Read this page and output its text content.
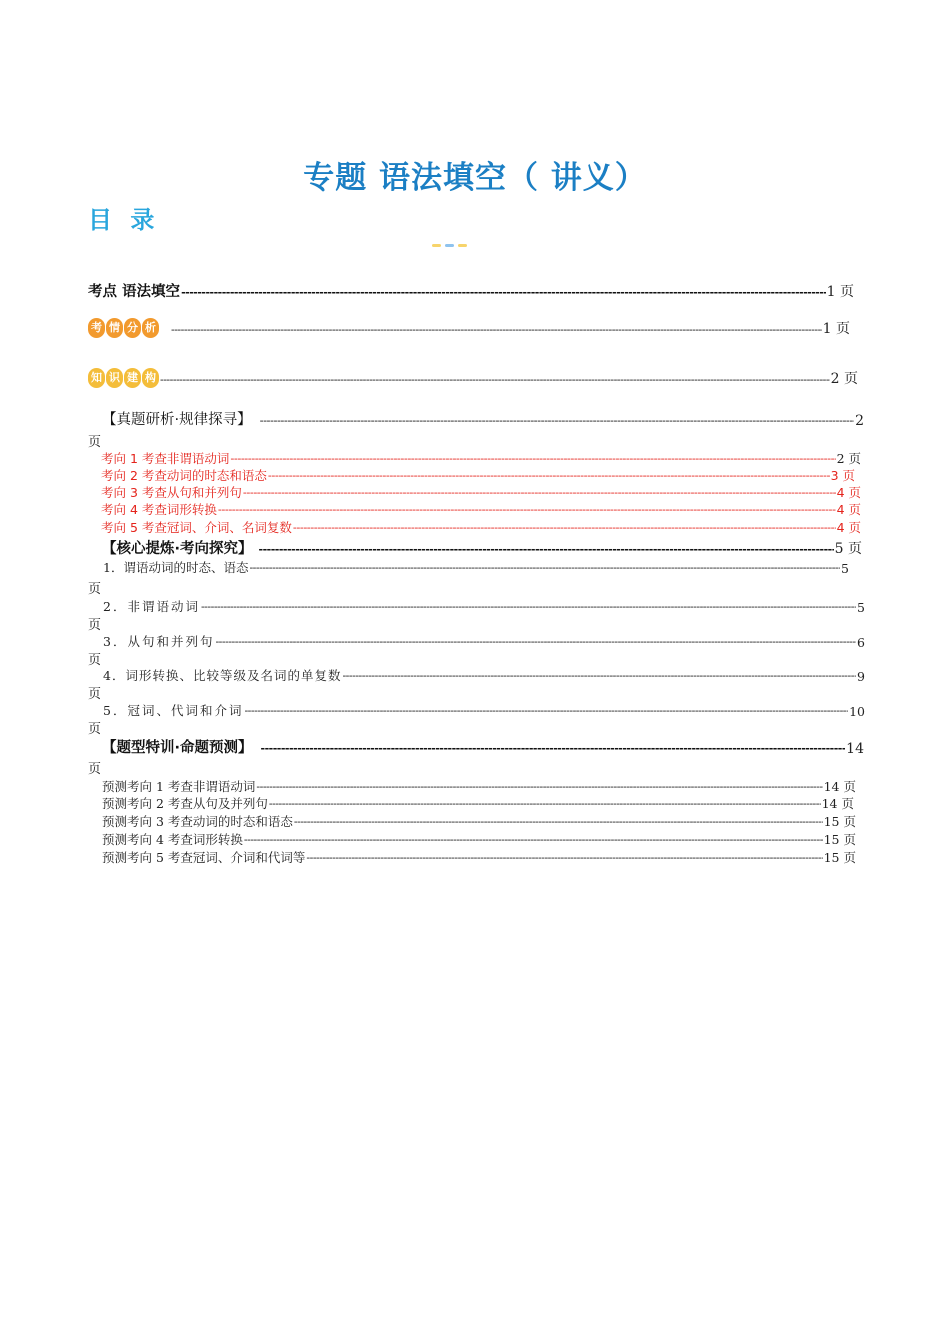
专题 语法填空（ 讲义）
目 录
考点 语法填空 -----	1 页
考 情 分 析 -----	1 页
知 识 建 构 -----	2 页
【真题研析·规律探寻】 -----	2
页
考向 1 考查非谓语动词 -----	2 页
考向 2 考查动词的时态和语态 -----	3 页
考向 3 考查从句和并列句 -----	4 页
考向 4 考查词形转换 -----	4 页
考向 5 考查冠词、介词、名词复数 -----	4 页
【核心提炼·考向探究】 -----	5 页
1．谓语动词的时态、语态 -----	5
页
2．非谓语动词 -----	5
页
3．从句和并列句 -----	6
页
4．词形转换、比较等级及名词的单复数 -----	9
页
5．冠词、代词和介词 -----	10
页
【题型特训·命题预测】 -----	14
页
预测考向 1 考查非谓语动词 -----	14 页
预测考向 2 考查从句及并列句 -----	14 页
预测考向 3 考查动词的时态和语态 -----	15 页
预测考向 4 考查词形转换 -----	15 页
预测考向 5 考查冠词、介词和代词等 -----	15 页
